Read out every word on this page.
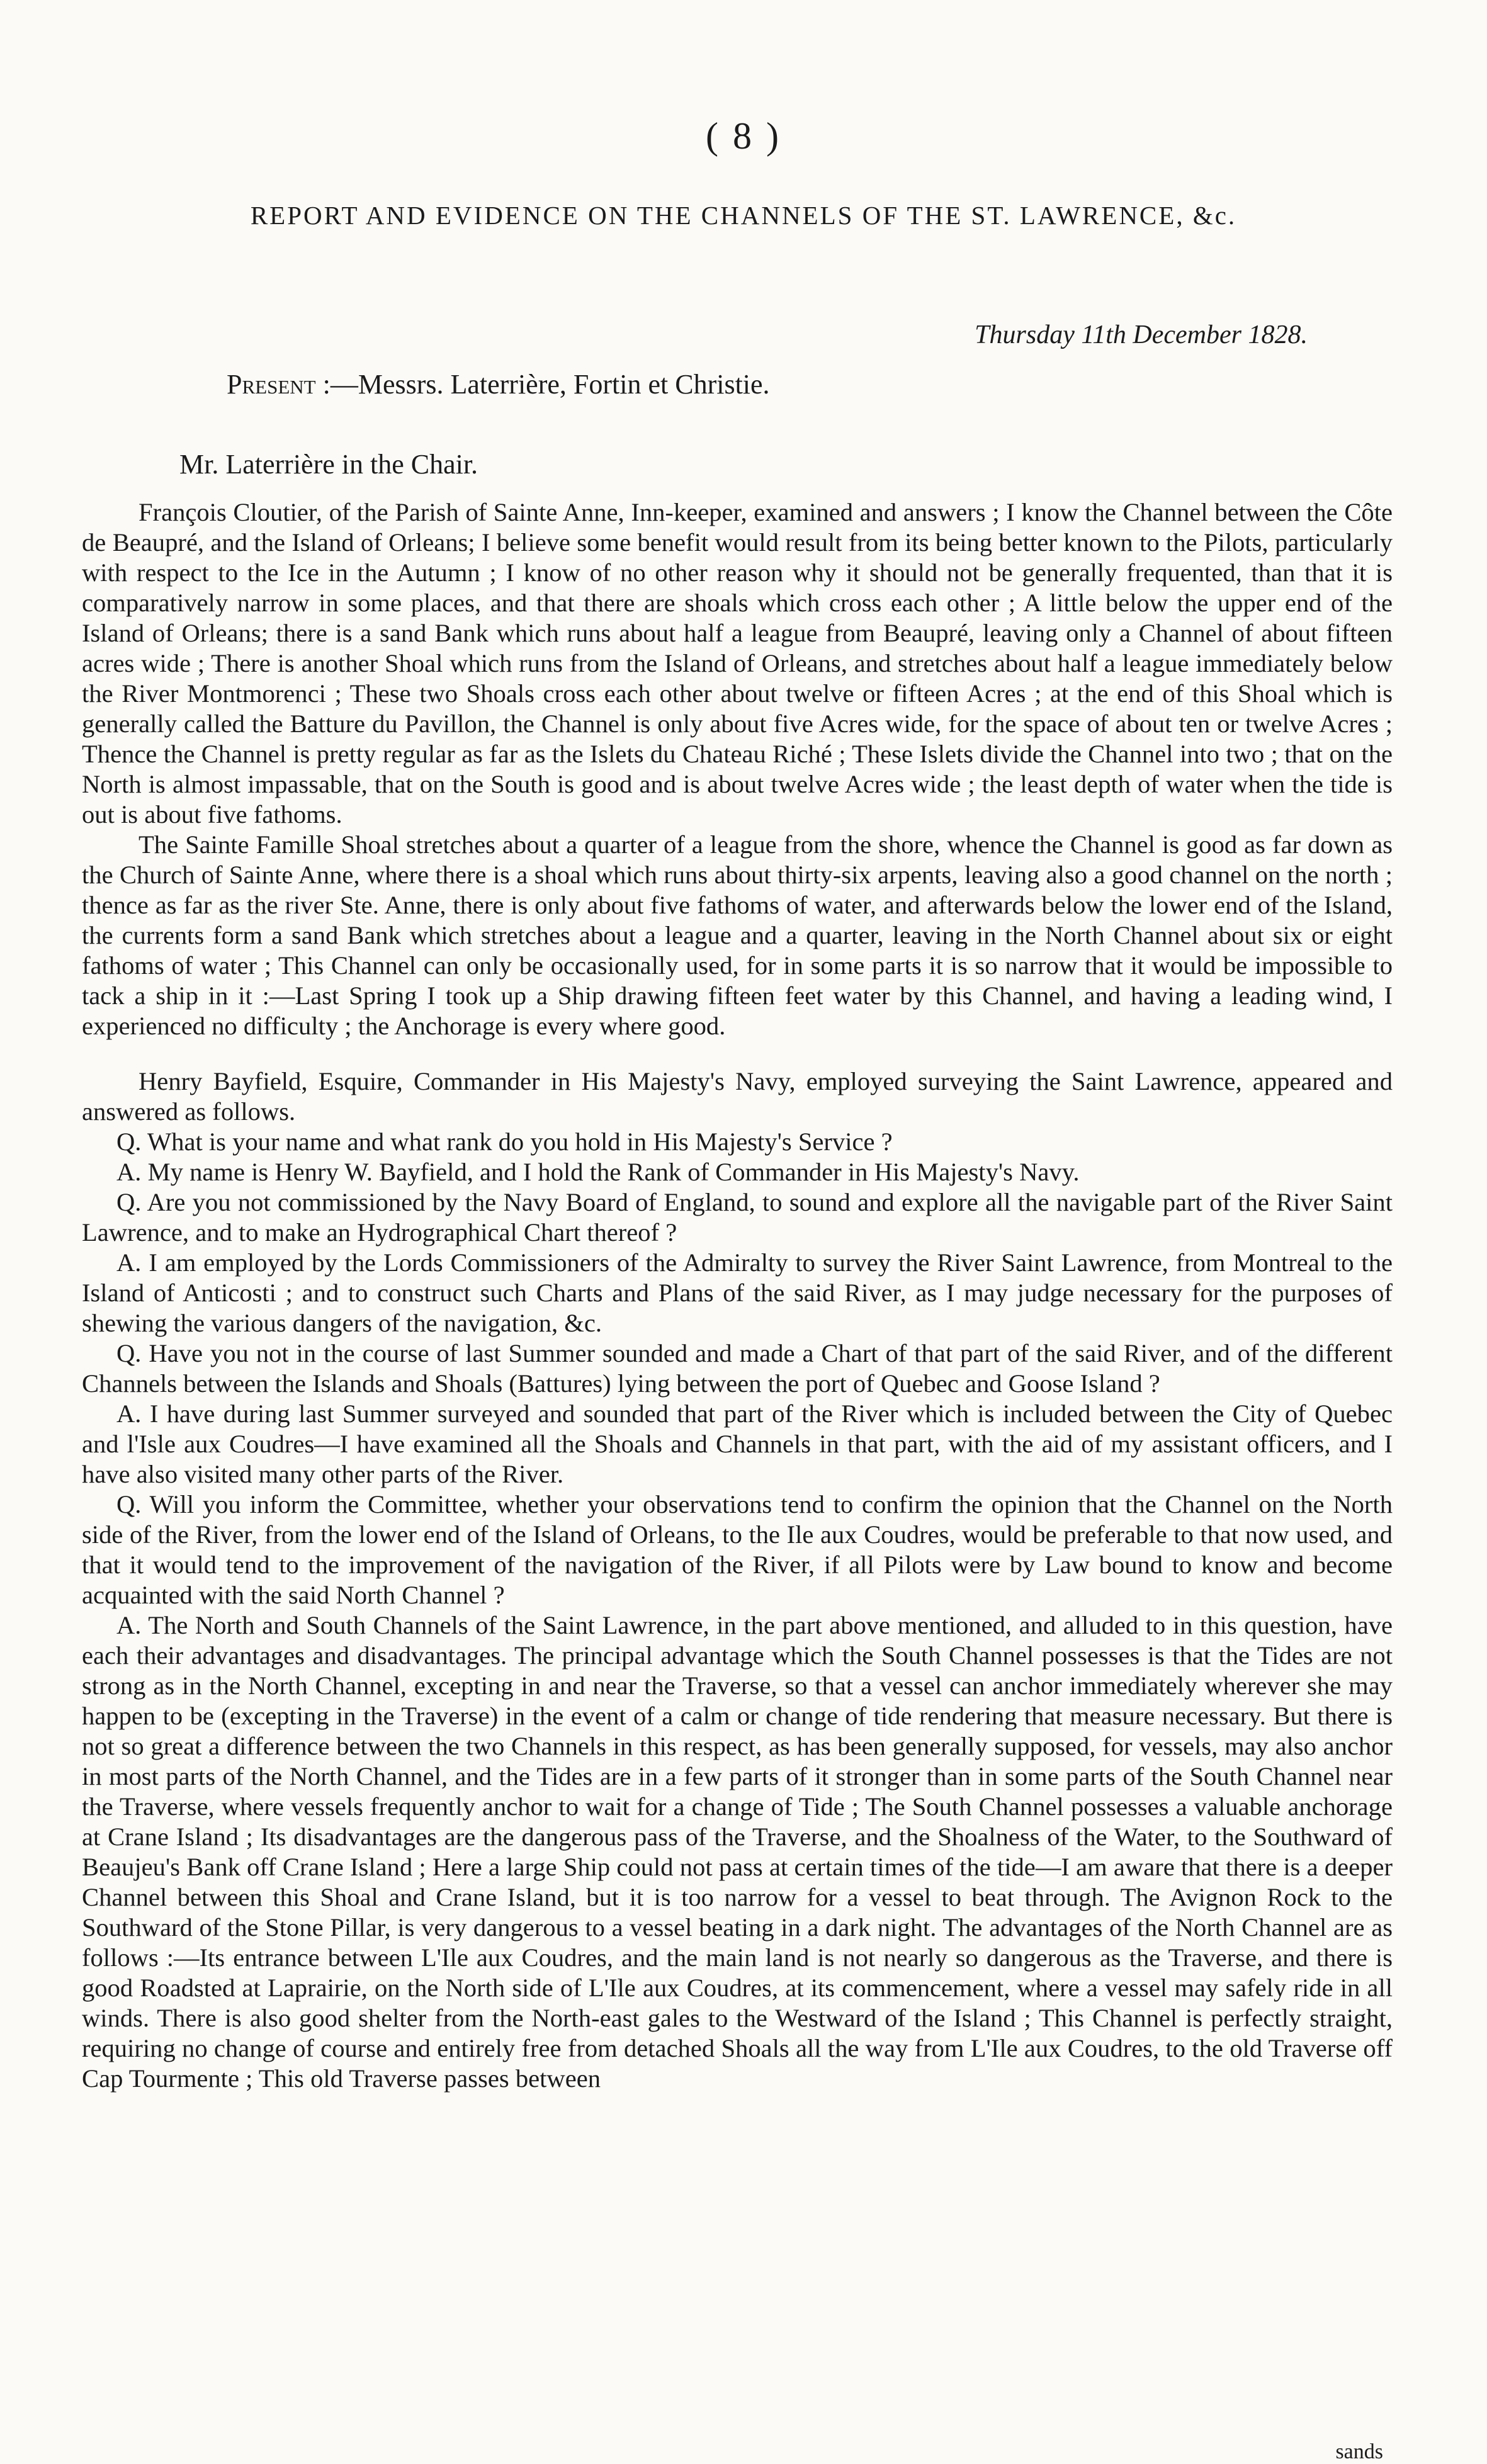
( 8 )
REPORT AND EVIDENCE ON THE CHANNELS OF THE ST. LAWRENCE, &c.
Thursday 11th December 1828.
Present :—Messrs. Laterrière, Fortin et Christie.
Mr. Laterrière in the Chair.

François Cloutier, of the Parish of Sainte Anne, Inn-keeper, examined and answers ; I know the Channel between the Côte de Beaupré, and the Island of Orleans; I believe some benefit would result from its being better known to the Pilots, particularly with respect to the Ice in the Autumn ; I know of no other reason why it should not be generally frequented, than that it is comparatively narrow in some places, and that there are shoals which cross each other ; A little below the upper end of the Island of Orleans; there is a sand Bank which runs about half a league from Beaupré, leaving only a Channel of about fifteen acres wide ; There is another Shoal which runs from the Island of Orleans, and stretches about half a league immediately below the River Montmorenci ; These two Shoals cross each other about twelve or fifteen Acres ; at the end of this Shoal which is generally called the Batture du Pavillon, the Channel is only about five Acres wide, for the space of about ten or twelve Acres ; Thence the Channel is pretty regular as far as the Islets du Chateau Riché ; These Islets divide the Channel into two ; that on the North is almost impassable, that on the South is good and is about twelve Acres wide ; the least depth of water when the tide is out is about five fathoms.

The Sainte Famille Shoal stretches about a quarter of a league from the shore, whence the Channel is good as far down as the Church of Sainte Anne, where there is a shoal which runs about thirty-six arpents, leaving also a good channel on the north ; thence as far as the river Ste. Anne, there is only about five fathoms of water, and afterwards below the lower end of the Island, the currents form a sand Bank which stretches about a league and a quarter, leaving in the North Channel about six or eight fathoms of water ; This Channel can only be occasionally used, for in some parts it is so narrow that it would be impossible to tack a ship in it :—Last Spring I took up a Ship drawing fifteen feet water by this Channel, and having a leading wind, I experienced no difficulty ; the Anchorage is every where good.

Henry Bayfield, Esquire, Commander in His Majesty's Navy, employed surveying the Saint Lawrence, appeared and answered as follows.

Q. What is your name and what rank do you hold in His Majesty's Service ?

A. My name is Henry W. Bayfield, and I hold the Rank of Commander in His Majesty's Navy.

Q. Are you not commissioned by the Navy Board of England, to sound and explore all the navigable part of the River Saint Lawrence, and to make an Hydrographical Chart thereof ?

A. I am employed by the Lords Commissioners of the Admiralty to survey the River Saint Lawrence, from Montreal to the Island of Anticosti ; and to construct such Charts and Plans of the said River, as I may judge necessary for the purposes of shewing the various dangers of the navigation, &c.

Q. Have you not in the course of last Summer sounded and made a Chart of that part of the said River, and of the different Channels between the Islands and Shoals (Battures) lying between the port of Quebec and Goose Island ?

A. I have during last Summer surveyed and sounded that part of the River which is included between the City of Quebec and l'Isle aux Coudres—I have examined all the Shoals and Channels in that part, with the aid of my assistant officers, and I have also visited many other parts of the River.

Q. Will you inform the Committee, whether your observations tend to confirm the opinion that the Channel on the North side of the River, from the lower end of the Island of Orleans, to the Ile aux Coudres, would be preferable to that now used, and that it would tend to the improvement of the navigation of the River, if all Pilots were by Law bound to know and become acquainted with the said North Channel ?

A. The North and South Channels of the Saint Lawrence, in the part above mentioned, and alluded to in this question, have each their advantages and disadvantages. The principal advantage which the South Channel possesses is that the Tides are not strong as in the North Channel, excepting in and near the Traverse, so that a vessel can anchor immediately wherever she may happen to be (excepting in the Traverse) in the event of a calm or change of tide rendering that measure necessary. But there is not so great a difference between the two Channels in this respect, as has been generally supposed, for vessels, may also anchor in most parts of the North Channel, and the Tides are in a few parts of it stronger than in some parts of the South Channel near the Traverse, where vessels frequently anchor to wait for a change of Tide ; The South Channel possesses a valuable anchorage at Crane Island ; Its disadvantages are the dangerous pass of the Traverse, and the Shoalness of the Water, to the Southward of Beaujeu's Bank off Crane Island ; Here a large Ship could not pass at certain times of the tide—I am aware that there is a deeper Channel between this Shoal and Crane Island, but it is too narrow for a vessel to beat through. The Avignon Rock to the Southward of the Stone Pillar, is very dangerous to a vessel beating in a dark night. The advantages of the North Channel are as follows :—Its entrance between L'Ile aux Coudres, and the main land is not nearly so dangerous as the Traverse, and there is good Roadsted at Laprairie, on the North side of L'Ile aux Coudres, at its commencement, where a vessel may safely ride in all winds. There is also good shelter from the North-east gales to the Westward of the Island ; This Channel is perfectly straight, requiring no change of course and entirely free from detached Shoals all the way from L'Ile aux Coudres, to the old Traverse off Cap Tourmente ; This old Traverse passes between

sands
